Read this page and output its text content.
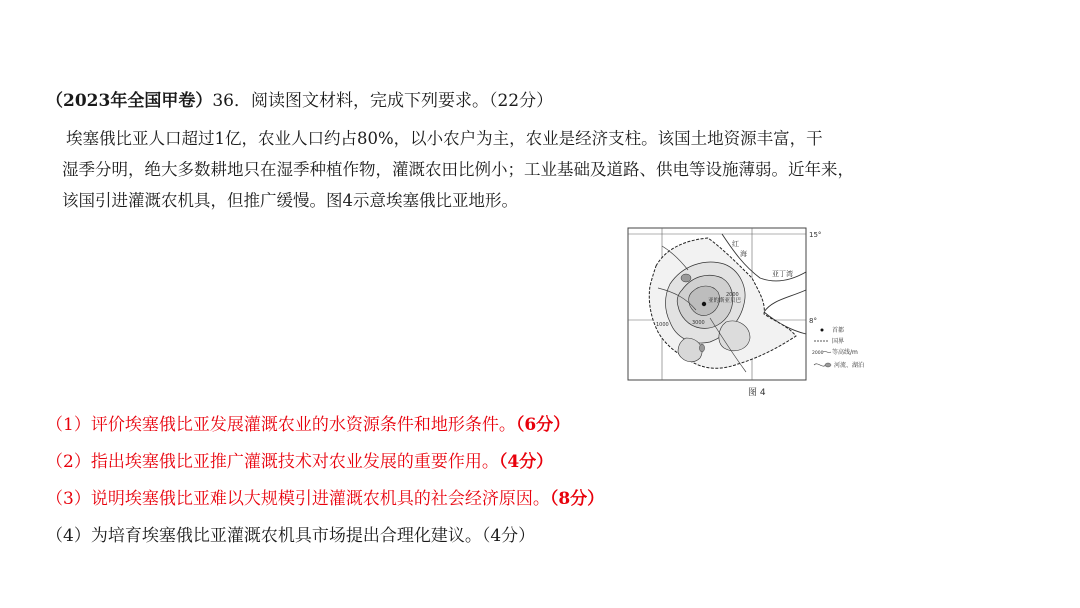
（2023年全国甲卷）36．阅读图文材料，完成下列要求。（22分）
埃塞俄比亚人口超过1亿，农业人口约占80%，以小农户为主，农业是经济支柱。该国土地资源丰富，干
湿季分明，绝大多数耕地只在湿季种植作物，灌溉农田比例小；工业基础及道路、供电等设施薄弱。近年来，
该国引进灌溉农机具，但推广缓慢。图4示意埃塞俄比亚地形。
15°
8°
红
海
亚丁湾
亚的斯亚贝巴
3000
2000
1000
首都
国界
2000 等高线/m
河流、湖泊
图 4
（1）评价埃塞俄比亚发展灌溉农业的水资源条件和地形条件。（6分）
（2）指出埃塞俄比亚推广灌溉技术对农业发展的重要作用。（4分）
（3）说明埃塞俄比亚难以大规模引进灌溉农机具的社会经济原因。（8分）
（4）为培育埃塞俄比亚灌溉农机具市场提出合理化建议。（4分）
